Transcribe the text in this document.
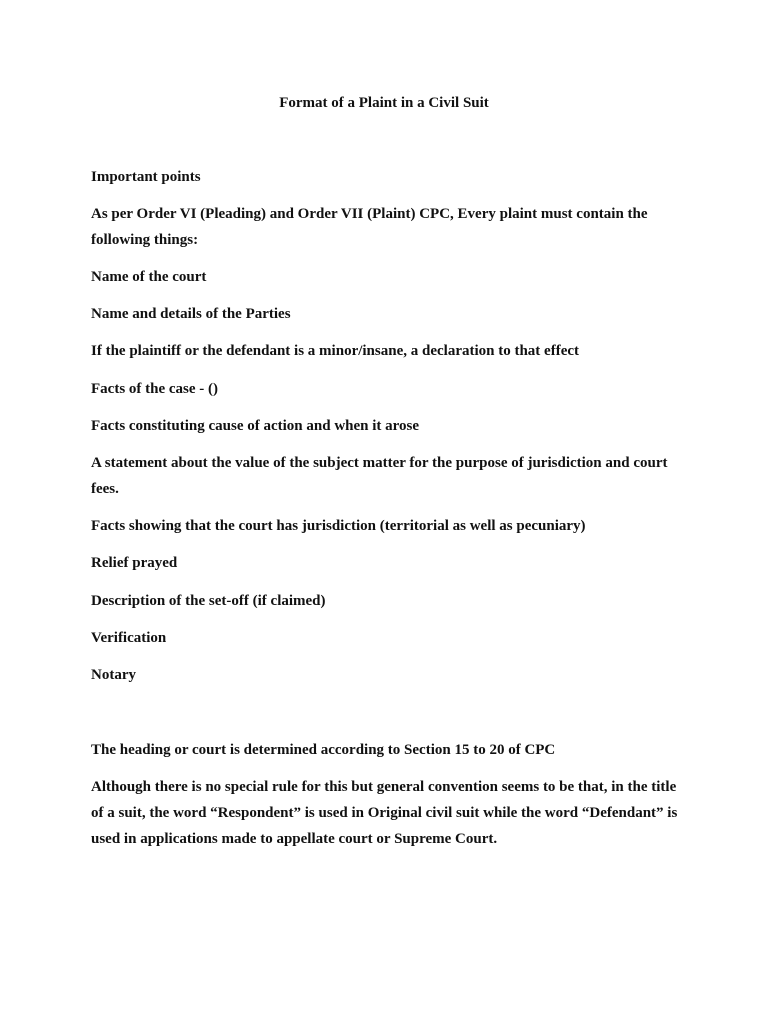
Format of a Plaint in a Civil Suit

Important points

As per Order VI (Pleading) and Order VII (Plaint) CPC, Every plaint must contain the following things:

Name of the court

Name and details of the Parties

If the plaintiff or the defendant is a minor/insane, a declaration to that effect

Facts of the case - ()

Facts constituting cause of action and when it arose

A statement about the value of the subject matter for the purpose of jurisdiction and court fees.

Facts showing that the court has jurisdiction (territorial as well as pecuniary)

Relief prayed

Description of the set-off (if claimed)

Verification

Notary

The heading or court is determined according to Section 15 to 20 of CPC

Although there is no special rule for this but general convention seems to be that, in the title of a suit, the word “Respondent” is used in Original civil suit while the word “Defendant” is used in applications made to appellate court or Supreme Court.
